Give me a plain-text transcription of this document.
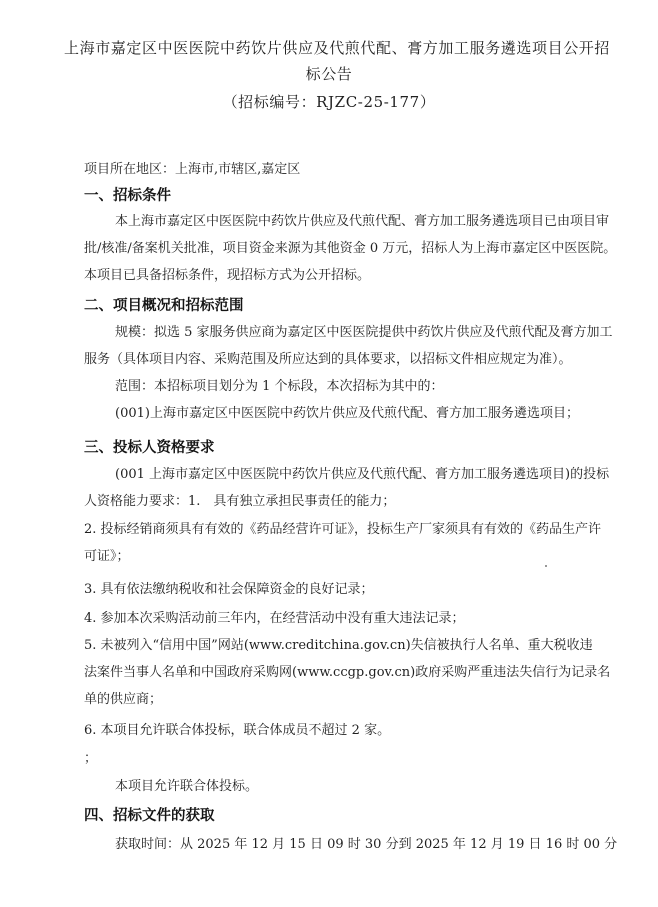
上海市嘉定区中医医院中药饮片供应及代煎代配、膏方加工服务遴选项目公开招
标公告
（招标编号：RJZC-25-177）
项目所在地区：上海市,市辖区,嘉定区
一、招标条件
本上海市嘉定区中医医院中药饮片供应及代煎代配、膏方加工服务遴选项目已由项目审
批/核准/备案机关批准，项目资金来源为其他资金 0 万元，招标人为上海市嘉定区中医医院。
本项目已具备招标条件，现招标方式为公开招标。
二、项目概况和招标范围
规模：拟选 5 家服务供应商为嘉定区中医医院提供中药饮片供应及代煎代配及膏方加工
服务（具体项目内容、采购范围及所应达到的具体要求，以招标文件相应规定为准）。
范围：本招标项目划分为 1 个标段，本次招标为其中的：
(001)上海市嘉定区中医医院中药饮片供应及代煎代配、膏方加工服务遴选项目；
三、投标人资格要求
(001 上海市嘉定区中医医院中药饮片供应及代煎代配、膏方加工服务遴选项目)的投标
人资格能力要求：1.　具有独立承担民事责任的能力；
2. 投标经销商须具有有效的《药品经营许可证》，投标生产厂家须具有有效的《药品生产许
可证》；
3. 具有依法缴纳税收和社会保障资金的良好记录；
4. 参加本次采购活动前三年内，在经营活动中没有重大违法记录；
5. 未被列入“信用中国”网站(www.creditchina.gov.cn)失信被执行人名单、重大税收违
法案件当事人名单和中国政府采购网(www.ccgp.gov.cn)政府采购严重违法失信行为记录名
单的供应商；
6. 本项目允许联合体投标，联合体成员不超过 2 家。
；
本项目允许联合体投标。
四、招标文件的获取
获取时间：从 2025 年 12 月 15 日 09 时 30 分到 2025 年 12 月 19 日 16 时 00 分
